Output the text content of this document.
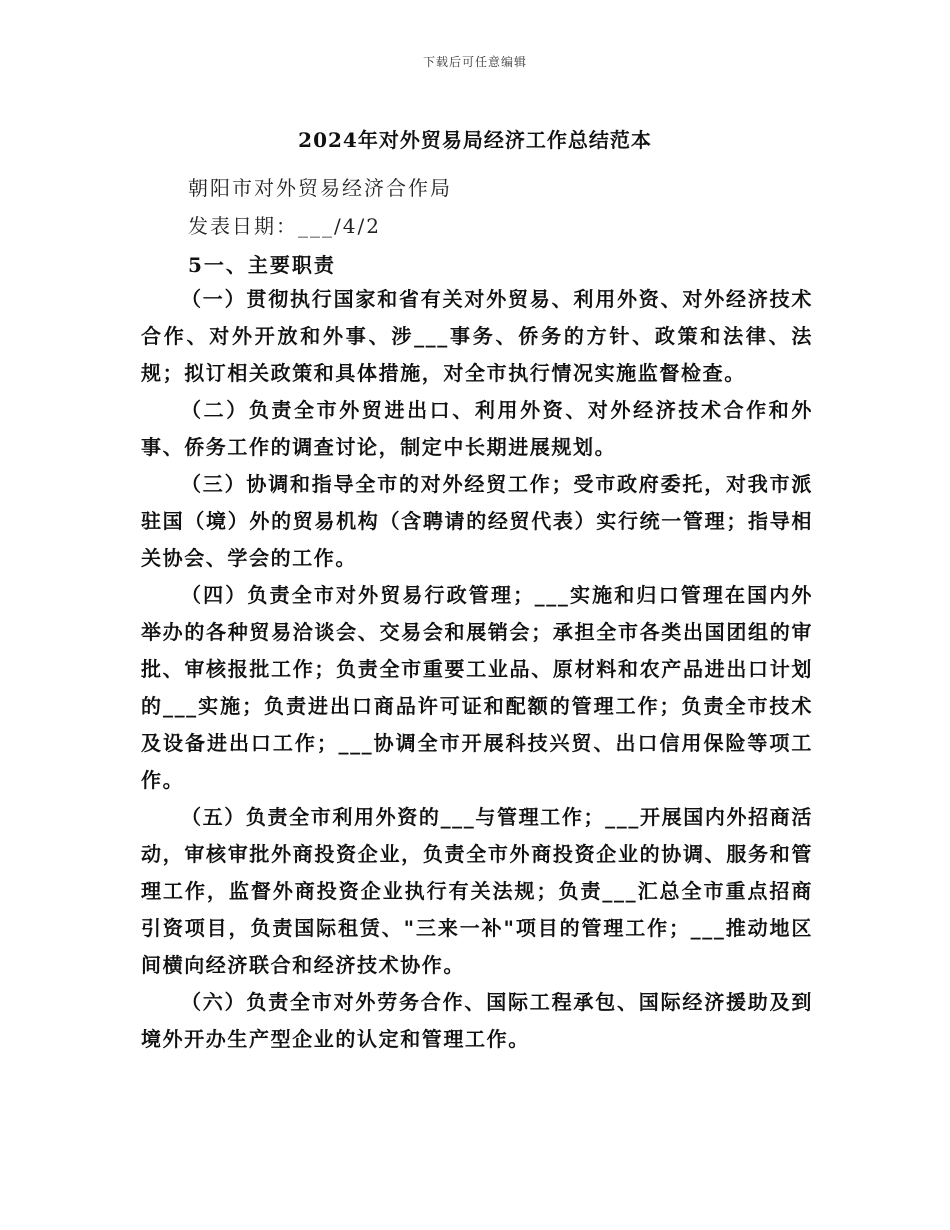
下载后可任意编辑
2024年对外贸易局经济工作总结范本
朝阳市对外贸易经济合作局
发表日期：___/4/2
5一、主要职责

（一）贯彻执行国家和省有关对外贸易、利用外资、对外经济技术合作、对外开放和外事、涉___事务、侨务的方针、政策和法律、法规；拟订相关政策和具体措施，对全市执行情况实施监督检查。

（二）负责全市外贸进出口、利用外资、对外经济技术合作和外事、侨务工作的调查讨论，制定中长期进展规划。

（三）协调和指导全市的对外经贸工作；受市政府委托，对我市派驻国（境）外的贸易机构（含聘请的经贸代表）实行统一管理；指导相关协会、学会的工作。

（四）负责全市对外贸易行政管理；___实施和归口管理在国内外举办的各种贸易洽谈会、交易会和展销会；承担全市各类出国团组的审批、审核报批工作；负责全市重要工业品、原材料和农产品进出口计划的___实施；负责进出口商品许可证和配额的管理工作；负责全市技术及设备进出口工作；___协调全市开展科技兴贸、出口信用保险等项工作。

（五）负责全市利用外资的___与管理工作；___开展国内外招商活动，审核审批外商投资企业，负责全市外商投资企业的协调、服务和管理工作，监督外商投资企业执行有关法规；负责___汇总全市重点招商引资项目，负责国际租赁、"三来一补"项目的管理工作；___推动地区间横向经济联合和经济技术协作。

（六）负责全市对外劳务合作、国际工程承包、国际经济援助及到境外开办生产型企业的认定和管理工作。
